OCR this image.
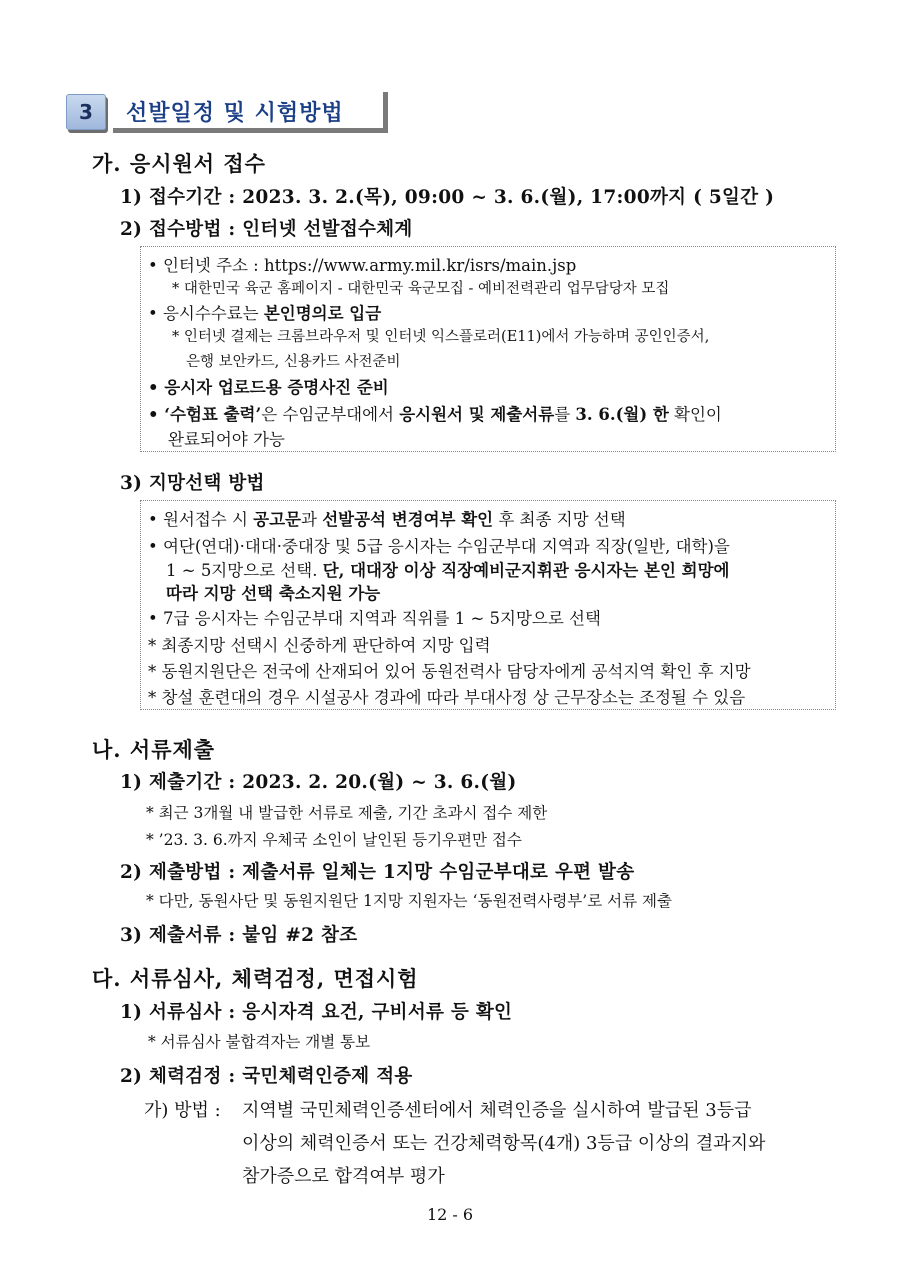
3	선발일정 및 시험방법
가. 응시원서 접수
1) 접수기간 : 2023. 3. 2.(목), 09:00 ~ 3. 6.(월), 17:00까지 ( 5일간 )
2) 접수방법 : 인터넷 선발접수체계
• 인터넷 주소 : https://www.army.mil.kr/isrs/main.jsp
* 대한민국 육군 홈페이지 - 대한민국 육군모집 - 예비전력관리 업무담당자 모집
• 응시수수료는 본인명의로 입금
* 인터넷 결제는 크롬브라우저 및 인터넷 익스플로러(E11)에서 가능하며 공인인증서,
은행 보안카드, 신용카드 사전준비
• 응시자 업로드용 증명사진 준비
• ‘수험표 출력’은 수임군부대에서 응시원서 및 제출서류를 3. 6.(월) 한 확인이
완료되어야 가능
3) 지망선택 방법
• 원서접수 시 공고문과 선발공석 변경여부 확인 후 최종 지망 선택
• 여단(연대)·대대·중대장 및 5급 응시자는 수임군부대 지역과 직장(일반, 대학)을
1 ~ 5지망으로 선택. 단, 대대장 이상 직장예비군지휘관 응시자는 본인 희망에
따라 지망 선택 축소지원 가능
• 7급 응시자는 수임군부대 지역과 직위를 1 ~ 5지망으로 선택
* 최종지망 선택시 신중하게 판단하여 지망 입력
* 동원지원단은 전국에 산재되어 있어 동원전력사 담당자에게 공석지역 확인 후 지망
* 창설 훈련대의 경우 시설공사 경과에 따라 부대사정 상 근무장소는 조정될 수 있음
나. 서류제출
1) 제출기간 : 2023. 2. 20.(월) ~ 3. 6.(월)
* 최근 3개월 내 발급한 서류로 제출, 기간 초과시 접수 제한
* ’23. 3. 6.까지 우체국 소인이 날인된 등기우편만 접수
2) 제출방법 : 제출서류 일체는 1지망 수임군부대로 우편 발송
* 다만, 동원사단 및 동원지원단 1지망 지원자는 ‘동원전력사령부’로 서류 제출
3) 제출서류 : 붙임 #2 참조
다. 서류심사, 체력검정, 면접시험
1) 서류심사 : 응시자격 요건, 구비서류 등 확인
* 서류심사 불합격자는 개별 통보
2) 체력검정 : 국민체력인증제 적용
가) 방법 : 지역별 국민체력인증센터에서 체력인증을 실시하여 발급된 3등급
이상의 체력인증서 또는 건강체력항목(4개) 3등급 이상의 결과지와
참가증으로 합격여부 평가
12 - 6
